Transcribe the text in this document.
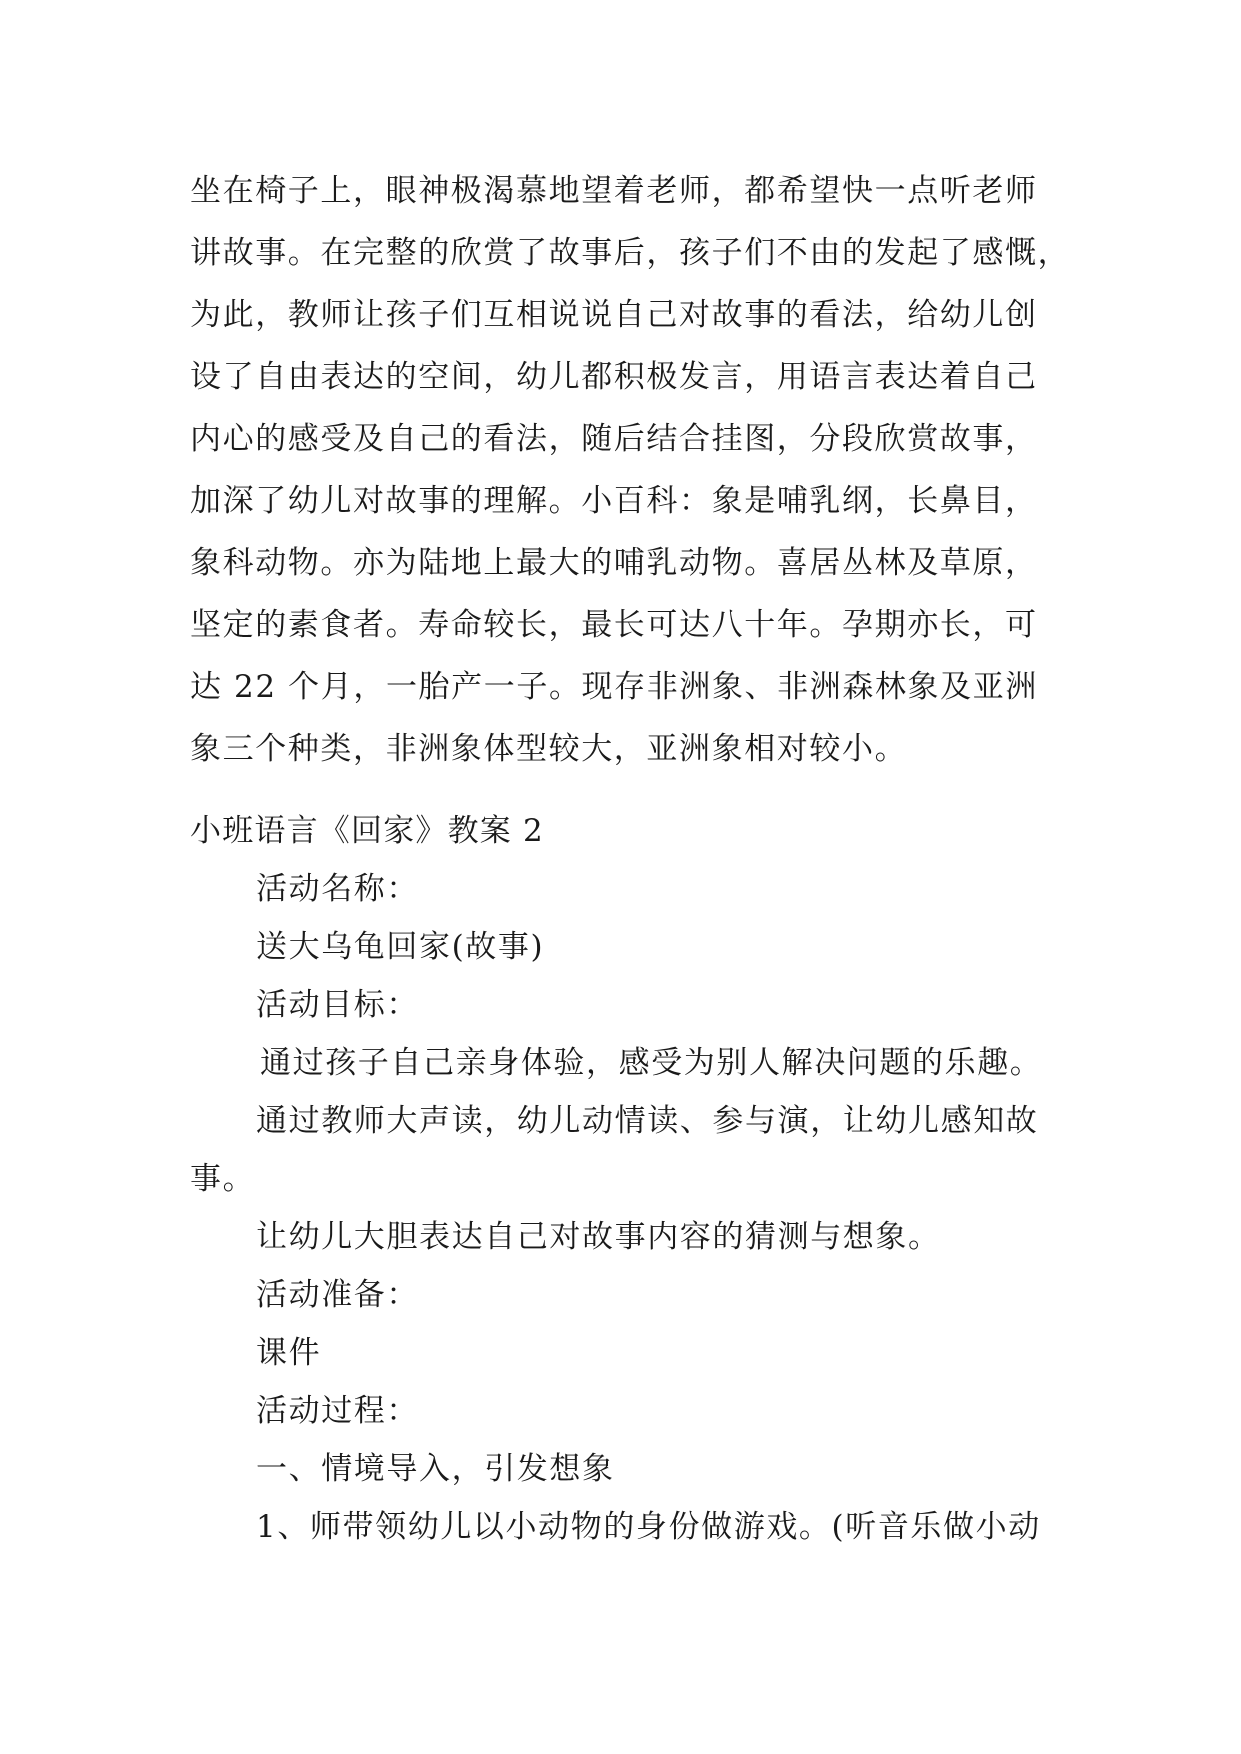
坐在椅子上，眼神极渴慕地望着老师，都希望快一点听老师
讲故事。在完整的欣赏了故事后，孩子们不由的发起了感慨，
为此，教师让孩子们互相说说自己对故事的看法，给幼儿创
设了自由表达的空间，幼儿都积极发言，用语言表达着自己
内心的感受及自己的看法，随后结合挂图，分段欣赏故事，
加深了幼儿对故事的理解。小百科：象是哺乳纲，长鼻目，
象科动物。亦为陆地上最大的哺乳动物。喜居丛林及草原，
坚定的素食者。寿命较长，最长可达八十年。孕期亦长，可
达 22 个月，一胎产一子。现存非洲象、非洲森林象及亚洲
象三个种类，非洲象体型较大，亚洲象相对较小。
小班语言《回家》教案 2
活动名称：
送大乌龟回家(故事)
活动目标：
通过孩子自己亲身体验，感受为别人解决问题的乐趣。
通过教师大声读，幼儿动情读、参与演，让幼儿感知故
事。
让幼儿大胆表达自己对故事内容的猜测与想象。
活动准备：
课件
活动过程：
一、情境导入，引发想象
1、师带领幼儿以小动物的身份做游戏。(听音乐做小动
